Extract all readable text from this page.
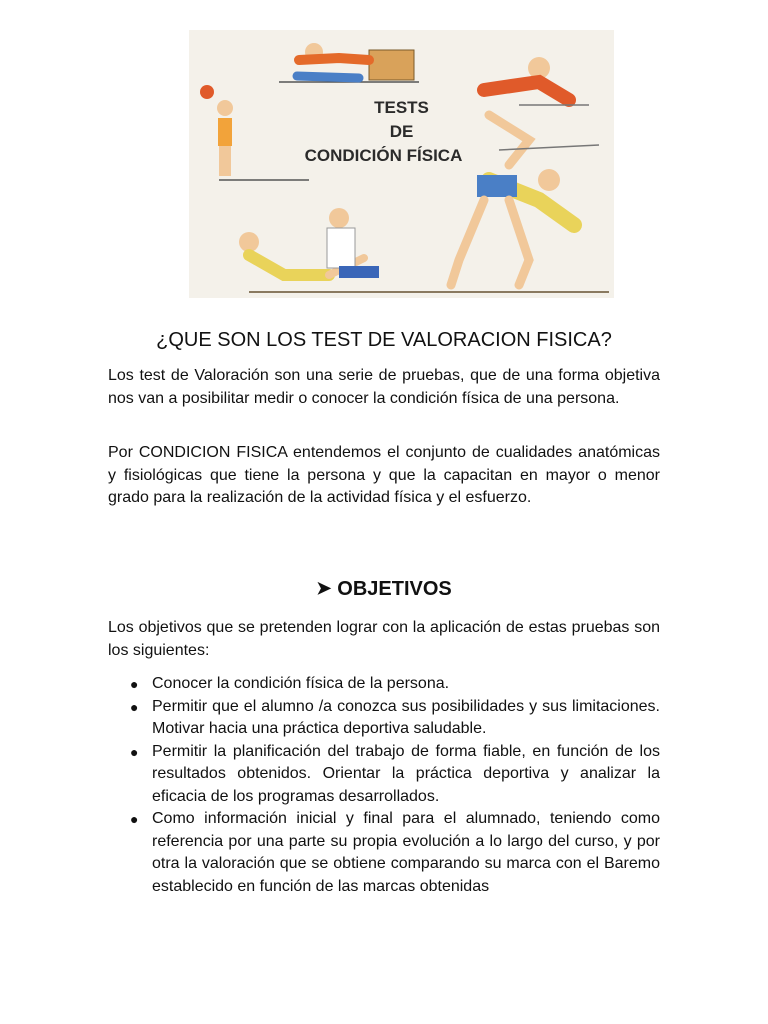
TESTS
DE
CONDICIÓN FÍSICA
¿QUE SON LOS TEST DE VALORACION FISICA?

Los test de Valoración son una serie de pruebas, que de una forma objetiva nos van a posibilitar medir o conocer la condición física de una persona.

Por CONDICION FISICA entendemos el conjunto de cualidades anatómicas y fisiológicas que tiene la persona y que la capacitan en mayor o menor grado para la realización de la actividad física y el esfuerzo.

➤ OBJETIVOS

Los objetivos que se pretenden lograr con la aplicación de estas pruebas son los siguientes:

● Conocer la condición física de la persona.
● Permitir que el alumno /a conozca sus posibilidades y sus limitaciones. Motivar hacia una práctica deportiva saludable.
● Permitir la planificación del trabajo de forma fiable, en función de los resultados obtenidos. Orientar la práctica deportiva y analizar la eficacia de los programas desarrollados.
● Como información inicial y final para el alumnado, teniendo como referencia por una parte su propia evolución a lo largo del curso, y por otra la valoración que se obtiene comparando su marca con el Baremo establecido en función de las marcas obtenidas
